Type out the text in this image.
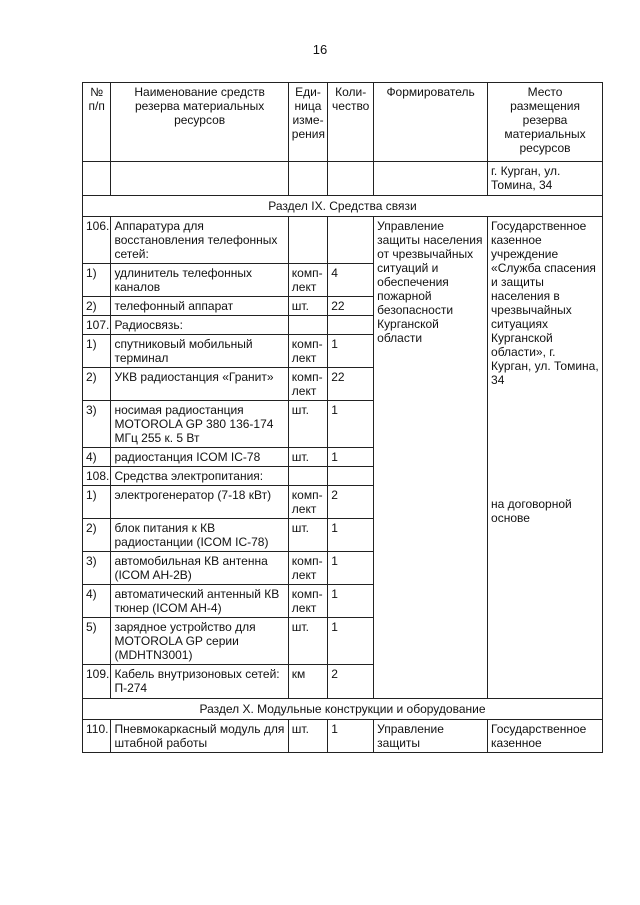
16
№ п/п	Наименование средств резерва материальных ресурсов	Еди-ница изме-рения	Коли-чество	Формирователь	Место размещения резерва материальных ресурсов
					г. Курган, ул. Томина, 34
Раздел IX. Средства связи					
106.	Аппаратура для восстановления телефонных сетей:			Управление защиты населения от чрезвычайных ситуаций и обеспечения пожарной безопасности Курганской области	Государственное казенное учреждение «Служба спасения и защиты населения в чрезвычайных ситуациях Курганской области», г. Курган, ул. Томина, 34
на договорной основе

1)	удлинитель телефонных каналов	комп-лект	4		
2)	телефонный аппарат	шт.	22		
107.	Радиосвязь:				
1)	спутниковый мобильный терминал	комп-лект	1		
2)	УКВ радиостанция «Гранит»	комп-лект	22		
3)	носимая радиостанция MOTOROLA GP 380 136-174 МГц 255 к. 5 Вт	шт.	1		
4)	радиостанция ICOM IC-78	шт.	1		
108.	Средства электропитания:				
1)	электрогенератор (7-18 кВт)	комп-лект	2		
2)	блок питания к КВ радиостанции (ICOM IC-78)	шт.	1		
3)	автомобильная КВ антенна (ICOM AH-2B)	комп-лект	1		
4)	автоматический антенный КВ тюнер (ICOM AH-4)	комп-лект	1		
5)	зарядное устройство для MOTOROLA GP серии (MDHTN3001)	шт.	1		
109.	Кабель внутризоновых сетей: П-274	км	2		
Раздел X. Модульные конструкции и оборудование					
110.	Пневмокаркасный модуль для штабной работы	шт.	1	Управление защиты	Государственное казенное
